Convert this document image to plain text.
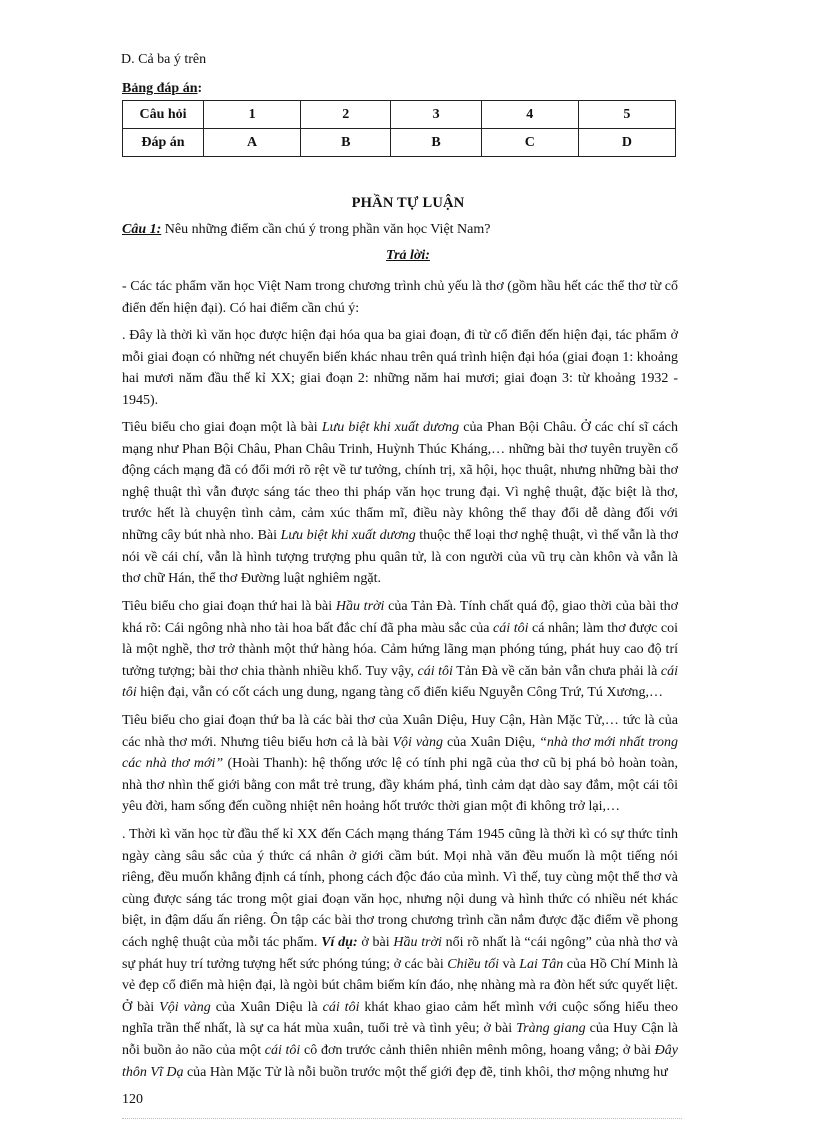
D. Cả ba ý trên
Bảng đáp án:
Câu hỏi	1	2	3	4	5
Đáp án	A	B	B	C	D
PHẦN TỰ LUẬN
Câu 1: Nêu những điểm cần chú ý trong phần văn học Việt Nam?
Trả lời:
- Các tác phẩm văn học Việt Nam trong chương trình chủ yếu là thơ (gồm hầu hết các thể thơ từ cổ điển đến hiện đại). Có hai điểm cần chú ý:
. Đây là thời kì văn học được hiện đại hóa qua ba giai đoạn, đi từ cổ điển đến hiện đại, tác phẩm ở mỗi giai đoạn có những nét chuyển biến khác nhau trên quá trình hiện đại hóa (giai đoạn 1: khoảng hai mươi năm đầu thế kỉ XX; giai đoạn 2: những năm hai mươi; giai đoạn 3: từ khoảng 1932 - 1945).
Tiêu biểu cho giai đoạn một là bài Lưu biệt khi xuất dương của Phan Bội Châu. Ở các chí sĩ cách mạng như Phan Bội Châu, Phan Châu Trinh, Huỳnh Thúc Kháng,… những bài thơ tuyên truyền cổ động cách mạng đã có đổi mới rõ rệt về tư tưởng, chính trị, xã hội, học thuật, nhưng những bài thơ nghệ thuật thì vẫn được sáng tác theo thi pháp văn học trung đại. Vì nghệ thuật, đặc biệt là thơ, trước hết là chuyện tình cảm, cảm xúc thẩm mĩ, điều này không thể thay đổi dễ dàng đối với những cây bút nhà nho. Bài Lưu biệt khi xuất dương thuộc thể loại thơ nghệ thuật, vì thế vẫn là thơ nói về cái chí, vẫn là hình tượng trượng phu quân tử, là con người của vũ trụ càn khôn và vẫn là thơ chữ Hán, thể thơ Đường luật nghiêm ngặt.
Tiêu biểu cho giai đoạn thứ hai là bài Hầu trời của Tản Đà. Tính chất quá độ, giao thời của bài thơ khá rõ: Cái ngông nhà nho tài hoa bất đắc chí đã pha màu sắc của cái tôi cá nhân; làm thơ được coi là một nghề, thơ trở thành một thứ hàng hóa. Cảm hứng lãng mạn phóng túng, phát huy cao độ trí tưởng tượng; bài thơ chia thành nhiều khổ. Tuy vậy, cái tôi Tản Đà về căn bản vẫn chưa phải là cái tôi hiện đại, vẫn có cốt cách ung dung, ngang tàng cổ điển kiểu Nguyễn Công Trứ, Tú Xương,…
Tiêu biểu cho giai đoạn thứ ba là các bài thơ của Xuân Diệu, Huy Cận, Hàn Mặc Tử,… tức là của các nhà thơ mới. Nhưng tiêu biểu hơn cả là bài Vội vàng của Xuân Diệu, “nhà thơ mới nhất trong các nhà thơ mới” (Hoài Thanh): hệ thống ước lệ có tính phi ngã của thơ cũ bị phá bỏ hoàn toàn, nhà thơ nhìn thế giới bằng con mắt trẻ trung, đầy khám phá, tình cảm dạt dào say đắm, một cái tôi yêu đời, ham sống đến cuồng nhiệt nên hoảng hốt trước thời gian một đi không trở lại,…
. Thời kì văn học từ đầu thế kỉ XX đến Cách mạng tháng Tám 1945 cũng là thời kì có sự thức tỉnh ngày càng sâu sắc của ý thức cá nhân ở giới cầm bút. Mọi nhà văn đều muốn là một tiếng nói riêng, đều muốn khẳng định cá tính, phong cách độc đáo của mình. Vì thế, tuy cùng một thể thơ và cùng được sáng tác trong một giai đoạn văn học, nhưng nội dung và hình thức có nhiều nét khác biệt, in đậm dấu ấn riêng. Ôn tập các bài thơ trong chương trình cần nắm được đặc điểm về phong cách nghệ thuật của mỗi tác phẩm. Ví dụ: ở bài Hầu trời nổi rõ nhất là “cái ngông” của nhà thơ và sự phát huy trí tưởng tượng hết sức phóng túng; ở các bài Chiều tối và Lai Tân của Hồ Chí Minh là vẻ đẹp cổ điển mà hiện đại, là ngòi bút châm biếm kín đáo, nhẹ nhàng mà ra đòn hết sức quyết liệt. Ở bài Vội vàng của Xuân Diệu là cái tôi khát khao giao cảm hết mình với cuộc sống hiểu theo nghĩa trần thế nhất, là sự ca hát mùa xuân, tuổi trẻ và tình yêu; ở bài Tràng giang của Huy Cận là nỗi buồn ảo não của một cái tôi cô đơn trước cảnh thiên nhiên mênh mông, hoang vắng; ở bài Đây thôn Vĩ Dạ của Hàn Mặc Tử là nỗi buồn trước một thế giới đẹp đẽ, tinh khôi, thơ mộng nhưng hư
120
